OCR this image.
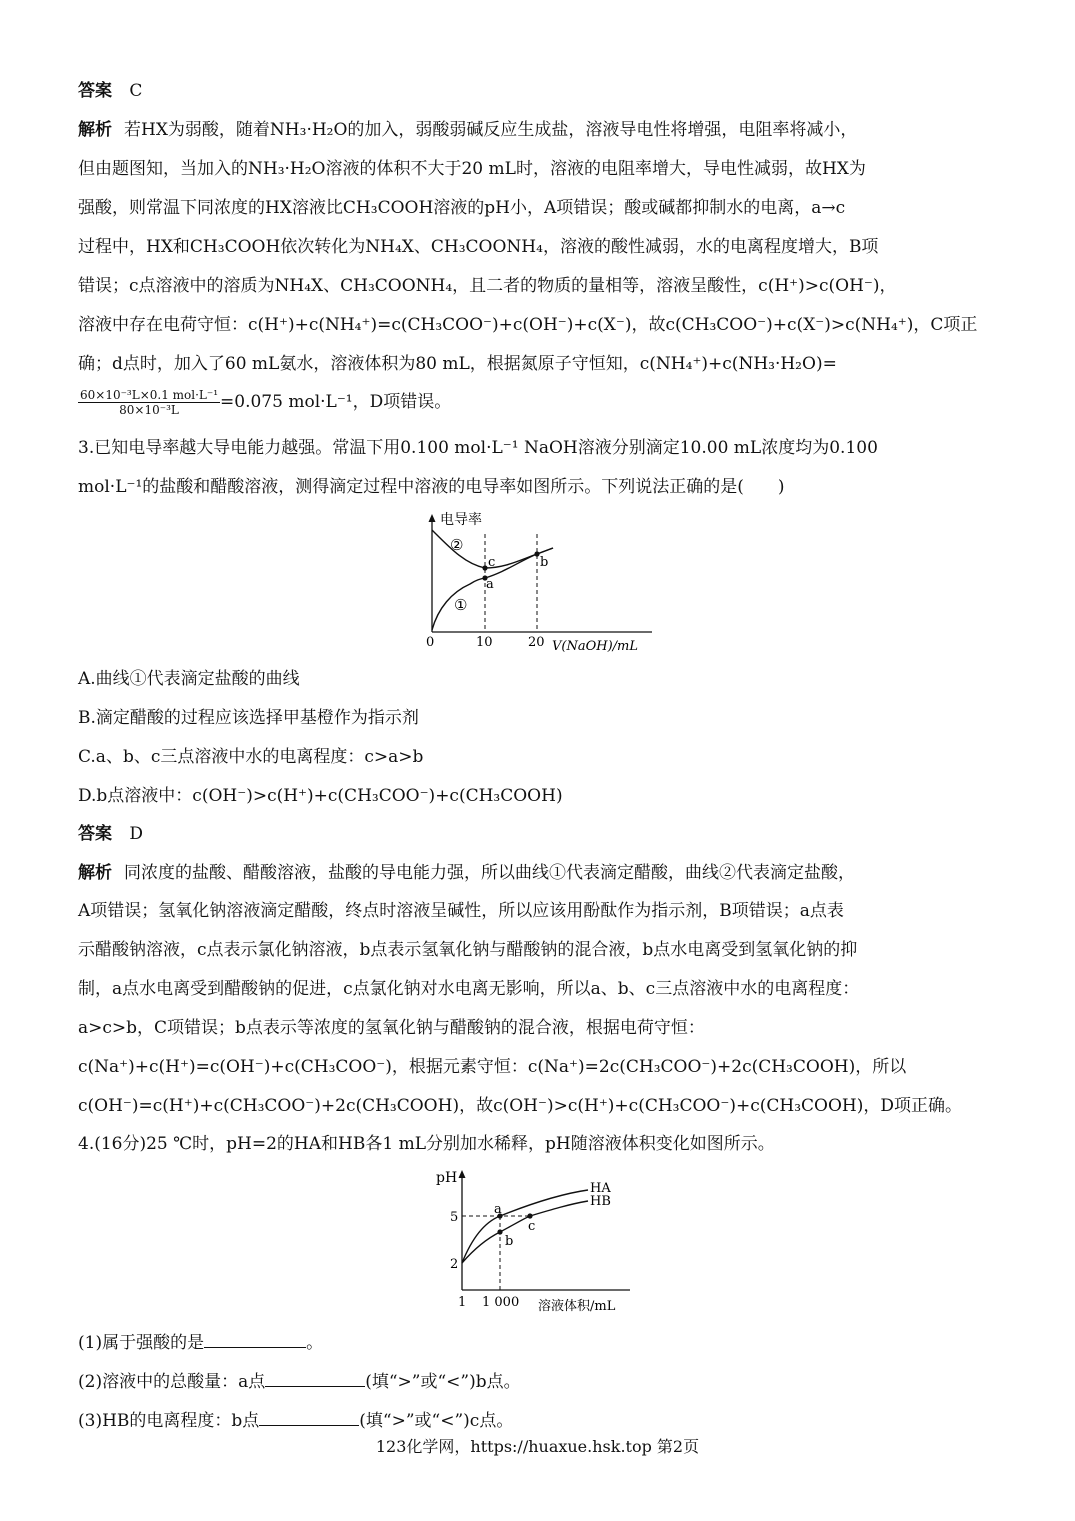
答案 C
解析 若HX为弱酸，随着NH₃·H₂O的加入，弱酸弱碱反应生成盐，溶液导电性将增强，电阻率将减小，
但由题图知，当加入的NH₃·H₂O溶液的体积不大于20 mL时，溶液的电阻率增大，导电性减弱，故HX为
强酸，则常温下同浓度的HX溶液比CH₃COOH溶液的pH小，A项错误；酸或碱都抑制水的电离，a→c
过程中，HX和CH₃COOH依次转化为NH₄X、CH₃COONH₄，溶液的酸性减弱，水的电离程度增大，B项
错误；c点溶液中的溶质为NH₄X、CH₃COONH₄，且二者的物质的量相等，溶液呈酸性，c(H⁺)>c(OH⁻)，
溶液中存在电荷守恒：c(H⁺)+c(NH₄⁺)=c(CH₃COO⁻)+c(OH⁻)+c(X⁻)，故c(CH₃COO⁻)+c(X⁻)>c(NH₄⁺)，C项正
确；d点时，加入了60 mL氨水，溶液体积为80 mL，根据氮原子守恒知，c(NH₄⁺)+c(NH₃·H₂O)=
$\frac{\text{60×10⁻³L×0.1 mol·L⁻¹}}{\text{80×10⁻³L}} =0.075$ mol·L⁻¹，D项错误。
3.已知电导率越大导电能力越强。常温下用0.100 mol·L⁻¹ NaOH溶液分别滴定10.00 mL浓度均为0.100
mol·L⁻¹的盐酸和醋酸溶液，测得滴定过程中溶液的电导率如图所示。下列说法正确的是(　　)
电导率
②
①
c
a
b
0	10	20 V(NaOH)/mL
A.曲线①代表滴定盐酸的曲线
B.滴定醋酸的过程应该选择甲基橙作为指示剂
C.a、b、c三点溶液中水的电离程度：c>a>b
D.b点溶液中：c(OH⁻)>c(H⁺)+c(CH₃COO⁻)+c(CH₃COOH)
答案 D
解析 同浓度的盐酸、醋酸溶液，盐酸的导电能力强，所以曲线①代表滴定醋酸，曲线②代表滴定盐酸，
A项错误；氢氧化钠溶液滴定醋酸，终点时溶液呈碱性，所以应该用酚酞作为指示剂，B项错误；a点表
示醋酸钠溶液，c点表示氯化钠溶液，b点表示氢氧化钠与醋酸钠的混合液，b点水电离受到氢氧化钠的抑
制，a点水电离受到醋酸钠的促进，c点氯化钠对水电离无影响，所以a、b、c三点溶液中水的电离程度：
a>c>b，C项错误；b点表示等浓度的氢氧化钠与醋酸钠的混合液，根据电荷守恒：
c(Na⁺)+c(H⁺)=c(OH⁻)+c(CH₃COO⁻)，根据元素守恒：c(Na⁺)=2c(CH₃COO⁻)+2c(CH₃COOH)，所以
c(OH⁻)=c(H⁺)+c(CH₃COO⁻)+2c(CH₃COOH)，故c(OH⁻)>c(H⁺)+c(CH₃COO⁻)+c(CH₃COOH)，D项正确。
4.(16分)25 ℃时，pH=2的HA和HB各1 mL分别加水稀释，pH随溶液体积变化如图所示。
pH
5
2
a
b
c
HA
HB
1 1 000 溶液体积/mL
(1)属于强酸的是	。
(2)溶液中的总酸量：a点	(填“>”或“<”)b点。
(3)HB的电离程度：b点	(填“>”或“<”)c点。
123化学网，https://huaxue.hsk.top 第2页
